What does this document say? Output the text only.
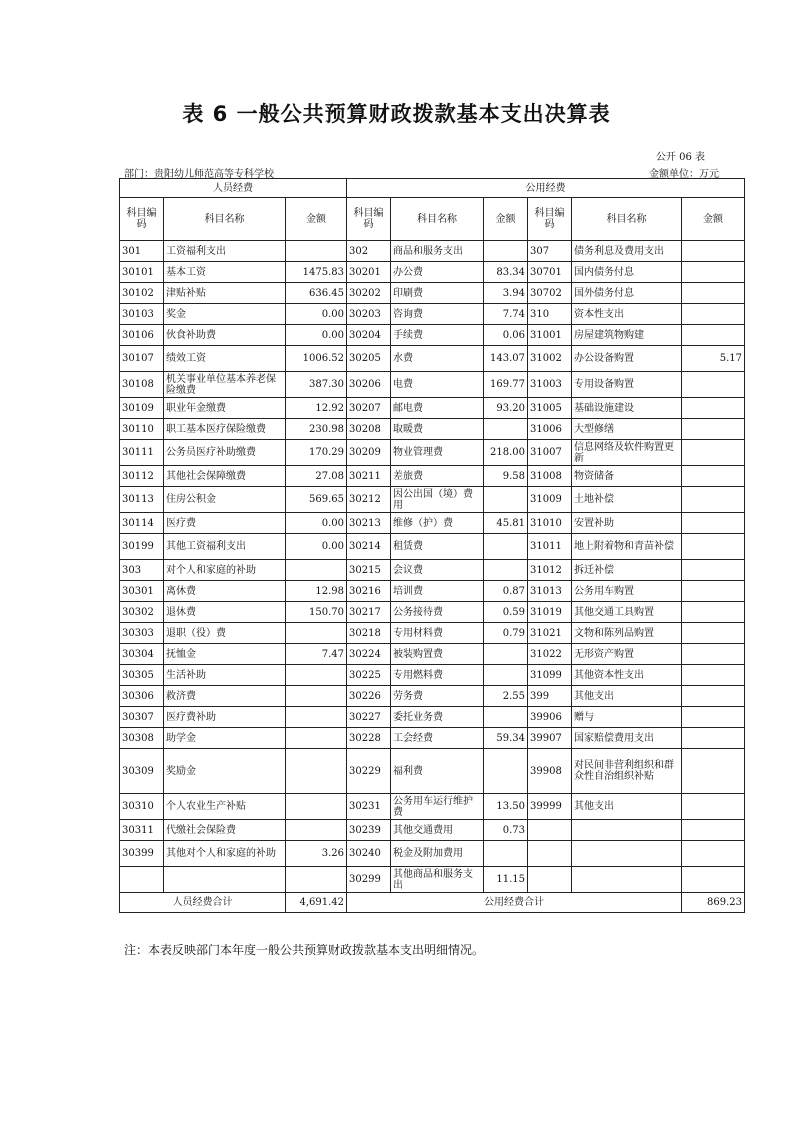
表 6 一般公共预算财政拨款基本支出决算表
公开 06 表
部门：贵阳幼儿师范高等专科学校	金额单位：万元
人员经费			公用经费					
科目编码	科目名称	金额	科目编码	科目名称	金额	科目编码	科目名称	金额
301	工资福利支出		302	商品和服务支出		307	债务利息及费用支出	
30101	基本工资	1475.83	30201	办公费	83.34	30701	国内债务付息	
30102	津贴补贴	636.45	30202	印刷费	3.94	30702	国外债务付息	
30103	奖金	0.00	30203	咨询费	7.74	310	资本性支出	
30106	伙食补助费	0.00	30204	手续费	0.06	31001	房屋建筑物购建	
30107	绩效工资	1006.52	30205	水费	143.07	31002	办公设备购置	5.17
30108	机关事业单位基本养老保险缴费	387.30	30206	电费	169.77	31003	专用设备购置	
30109	职业年金缴费	12.92	30207	邮电费	93.20	31005	基础设施建设	
30110	职工基本医疗保险缴费	230.98	30208	取暖费		31006	大型修缮	
30111	公务员医疗补助缴费	170.29	30209	物业管理费	218.00	31007	信息网络及软件购置更新	
30112	其他社会保障缴费	27.08	30211	差旅费	9.58	31008	物资储备	
30113	住房公积金	569.65	30212	因公出国（境）费用		31009	土地补偿	
30114	医疗费	0.00	30213	维修（护）费	45.81	31010	安置补助	
30199	其他工资福利支出	0.00	30214	租赁费		31011	地上附着物和青苗补偿	
303	对个人和家庭的补助		30215	会议费		31012	拆迁补偿	
30301	离休费	12.98	30216	培训费	0.87	31013	公务用车购置	
30302	退休费	150.70	30217	公务接待费	0.59	31019	其他交通工具购置	
30303	退职（役）费		30218	专用材料费	0.79	31021	文物和陈列品购置	
30304	抚恤金	7.47	30224	被装购置费		31022	无形资产购置	
30305	生活补助		30225	专用燃料费		31099	其他资本性支出	
30306	救济费		30226	劳务费	2.55	399	其他支出	
30307	医疗费补助		30227	委托业务费		39906	赠与	
30308	助学金		30228	工会经费	59.34	39907	国家赔偿费用支出	
30309	奖励金		30229	福利费		39908	对民间非营利组织和群众性自治组织补贴	
30310	个人农业生产补贴		30231	公务用车运行维护费	13.50	39999	其他支出	
30311	代缴社会保险费		30239	其他交通费用	0.73			
30399	其他对个人和家庭的补助	3.26	30240	税金及附加费用				
			30299	其他商品和服务支出	11.15			
人员经费合计		4,691.42	公用经费合计					869.23
注：本表反映部门本年度一般公共预算财政拨款基本支出明细情况。
